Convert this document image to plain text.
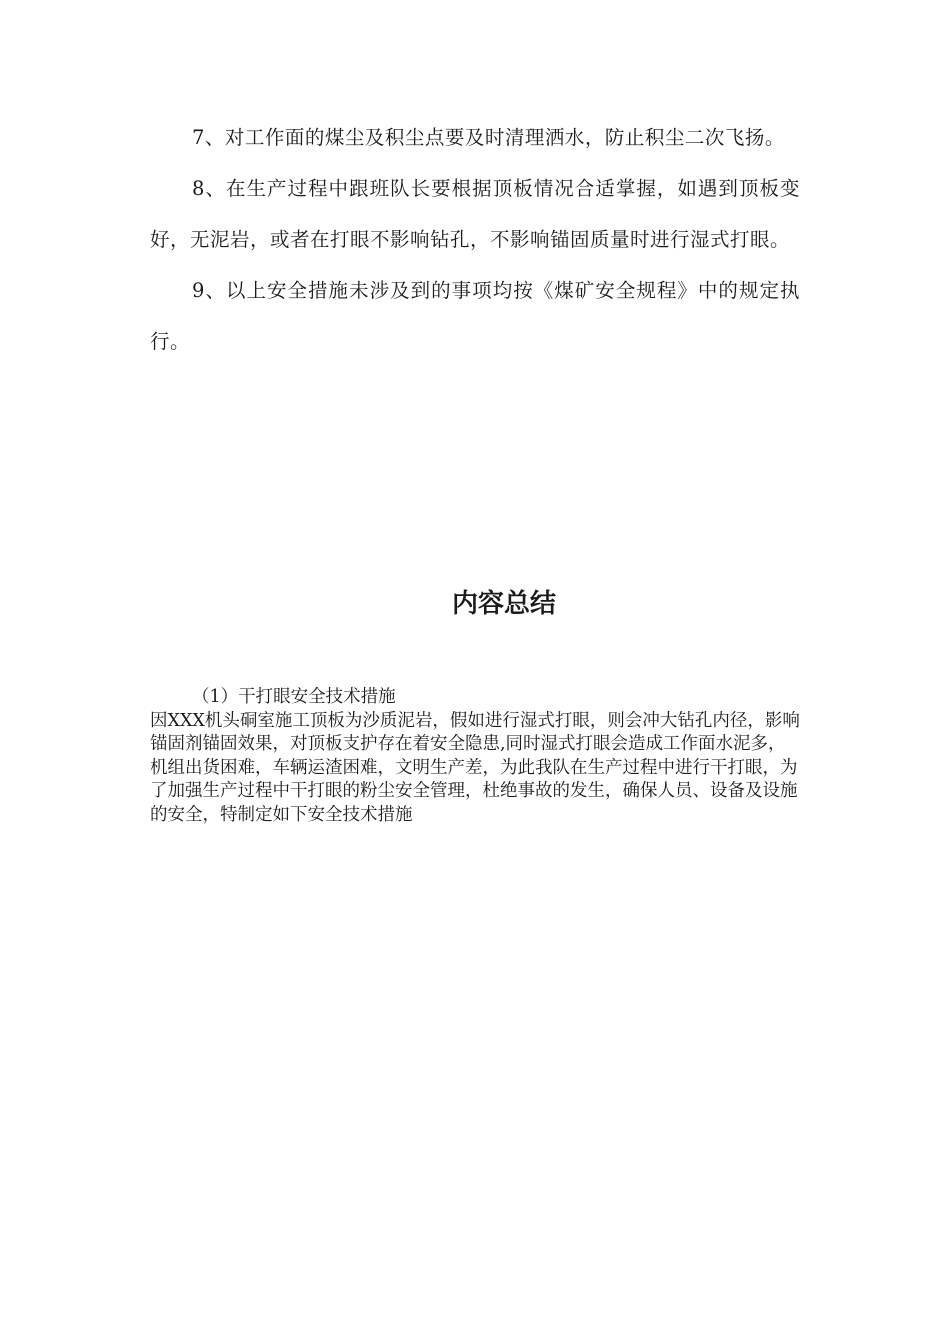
7、对工作面的煤尘及积尘点要及时清理洒水，防止积尘二次飞扬。

8、在生产过程中跟班队长要根据顶板情况合适掌握，如遇到顶板变好，无泥岩，或者在打眼不影响钻孔，不影响锚固质量时进行湿式打眼。

9、以上安全措施未涉及到的事项均按《煤矿安全规程》中的规定执行。

内容总结

（1）干打眼安全技术措施

因XXX机头硐室施工顶板为沙质泥岩，假如进行湿式打眼，则会冲大钻孔内径，影响锚固剂锚固效果，对顶板支护存在着安全隐患,同时湿式打眼会造成工作面水泥多，机组出货困难，车辆运渣困难，文明生产差，为此我队在生产过程中进行干打眼，为了加强生产过程中干打眼的粉尘安全管理，杜绝事故的发生，确保人员、设备及设施的安全，特制定如下安全技术措施
